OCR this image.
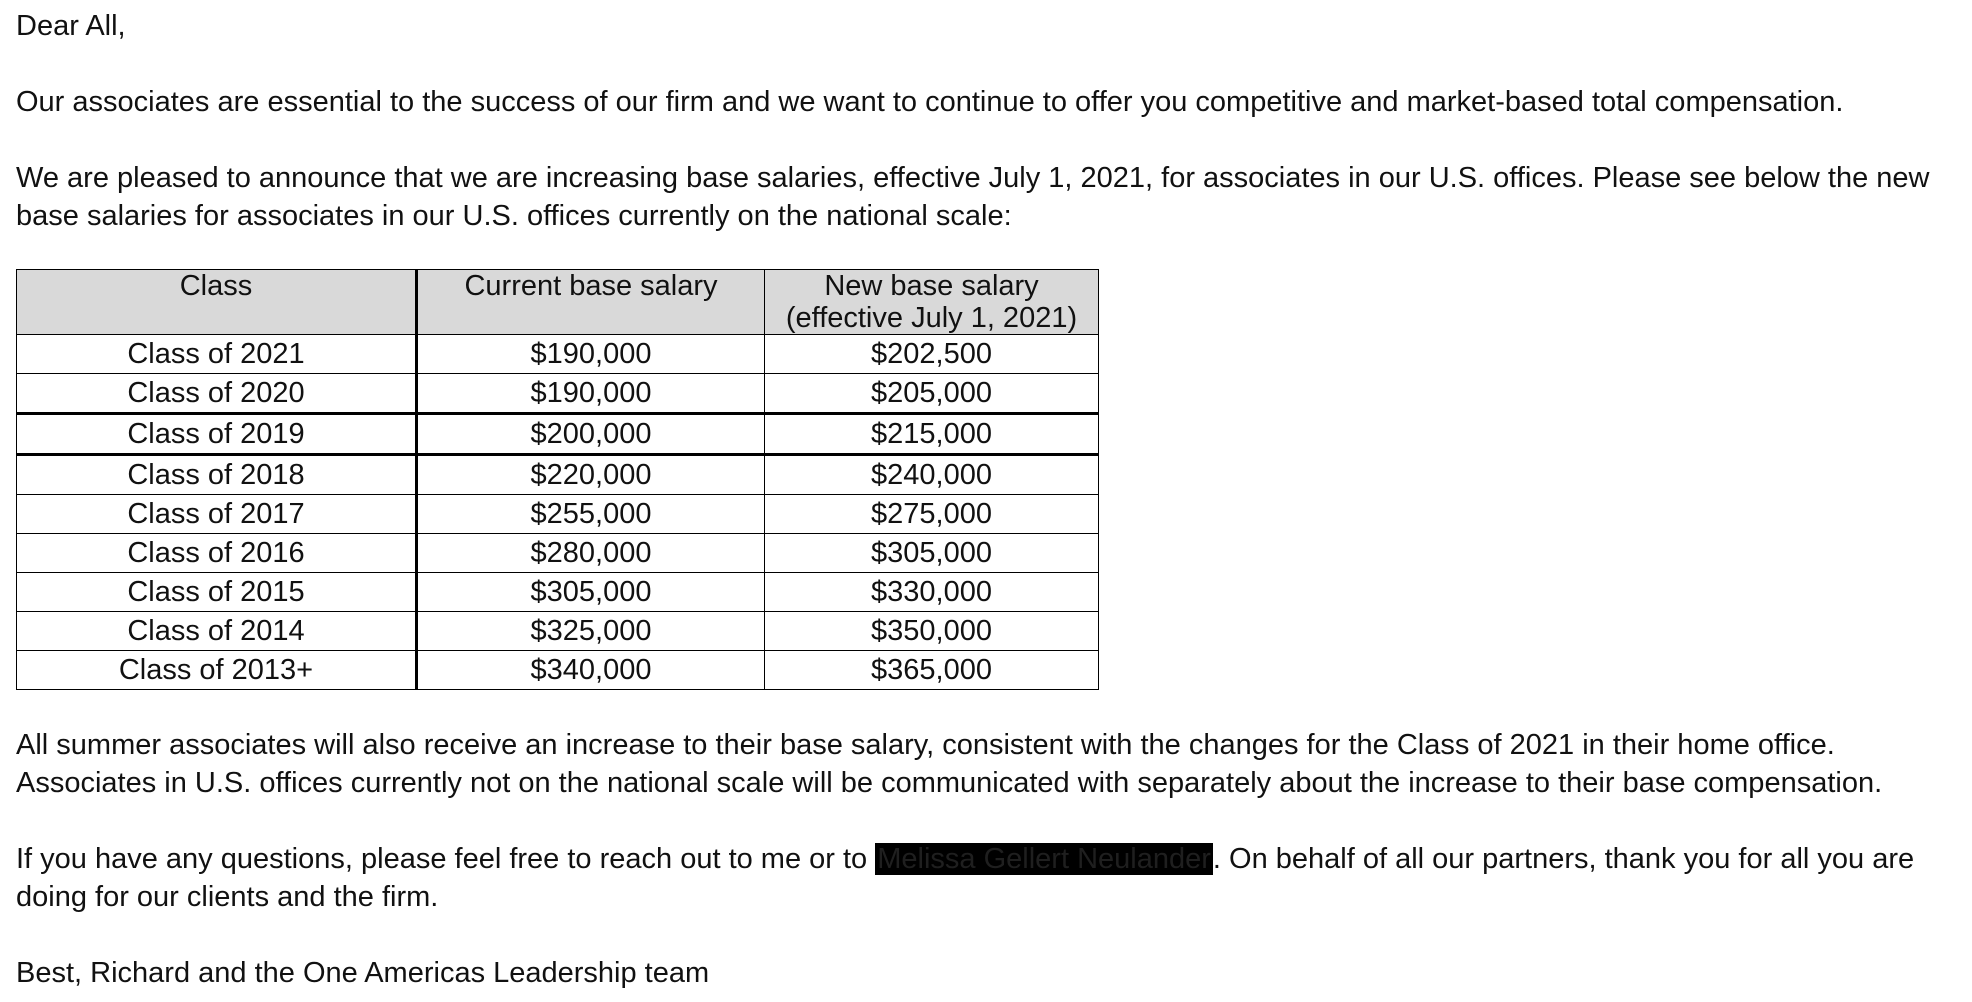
Dear All,

Our associates are essential to the success of our firm and we want to continue to offer you competitive and market-based total compensation.

We are pleased to announce that we are increasing base salaries, effective July 1, 2021, for associates in our U.S. offices. Please see below the new
base salaries for associates in our U.S. offices currently on the national scale:

Class	Current base salary	New base salary
(effective July 1, 2021)
Class of 2021	$190,000	$202,500
Class of 2020	$190,000	$205,000
Class of 2019	$200,000	$215,000
Class of 2018	$220,000	$240,000
Class of 2017	$255,000	$275,000
Class of 2016	$280,000	$305,000
Class of 2015	$305,000	$330,000
Class of 2014	$325,000	$350,000
Class of 2013+	$340,000	$365,000

All summer associates will also receive an increase to their base salary, consistent with the changes for the Class of 2021 in their home office.
Associates in U.S. offices currently not on the national scale will be communicated with separately about the increase to their base compensation.

If you have any questions, please feel free to reach out to me or to Melissa Gellert Neulander. On behalf of all our partners, thank you for all you are
doing for our clients and the firm.

Best, Richard and the One Americas Leadership team
